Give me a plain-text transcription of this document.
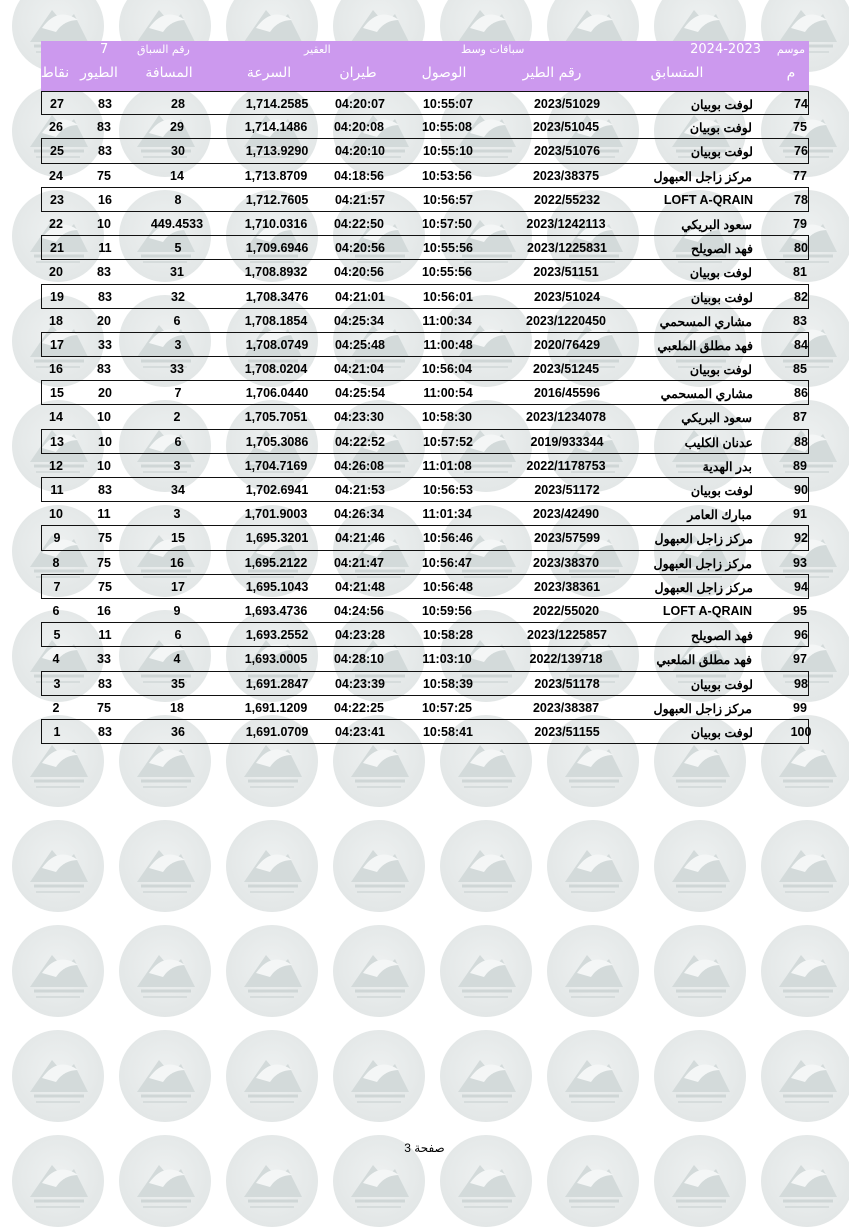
موسم
2024-2023
سباقات وسط
العقير
رقم السباق
7
م
المتسابق
رقم الطير
الوصول
طيران
السرعة
المسافة
الطيور
نقاط
74
لوفت بوبيان
2023/51029
10:55:07
04:20:07
1,714.2585
28
83
27
75
لوفت بوبيان
2023/51045
10:55:08
04:20:08
1,714.1486
29
83
26
76
لوفت بوبيان
2023/51076
10:55:10
04:20:10
1,713.9290
30
83
25
77
مركز زاجل العبهول
2023/38375
10:53:56
04:18:56
1,713.8709
14
75
24
78
LOFT A-QRAIN
2022/55232
10:56:57
04:21:57
1,712.7605
8
16
23
79
سعود البريكي
2023/1242113
10:57:50
04:22:50
1,710.0316
449.4533
10
22
80
فهد الصويلح
2023/1225831
10:55:56
04:20:56
1,709.6946
5
11
21
81
لوفت بوبيان
2023/51151
10:55:56
04:20:56
1,708.8932
31
83
20
82
لوفت بوبيان
2023/51024
10:56:01
04:21:01
1,708.3476
32
83
19
83
مشاري المسحمي
2023/1220450
11:00:34
04:25:34
1,708.1854
6
20
18
84
فهد مطلق الملعبي
2020/76429
11:00:48
04:25:48
1,708.0749
3
33
17
85
لوفت بوبيان
2023/51245
10:56:04
04:21:04
1,708.0204
33
83
16
86
مشاري المسحمي
2016/45596
11:00:54
04:25:54
1,706.0440
7
20
15
87
سعود البريكي
2023/1234078
10:58:30
04:23:30
1,705.7051
2
10
14
88
عدنان الكليب
2019/933344
10:57:52
04:22:52
1,705.3086
6
10
13
89
بدر الهدية
2022/1178753
11:01:08
04:26:08
1,704.7169
3
10
12
90
لوفت بوبيان
2023/51172
10:56:53
04:21:53
1,702.6941
34
83
11
91
مبارك العامر
2023/42490
11:01:34
04:26:34
1,701.9003
3
11
10
92
مركز زاجل العبهول
2023/57599
10:56:46
04:21:46
1,695.3201
15
75
9
93
مركز زاجل العبهول
2023/38370
10:56:47
04:21:47
1,695.2122
16
75
8
94
مركز زاجل العبهول
2023/38361
10:56:48
04:21:48
1,695.1043
17
75
7
95
LOFT A-QRAIN
2022/55020
10:59:56
04:24:56
1,693.4736
9
16
6
96
فهد الصويلح
2023/1225857
10:58:28
04:23:28
1,693.2552
6
11
5
97
فهد مطلق الملعبي
2022/139718
11:03:10
04:28:10
1,693.0005
4
33
4
98
لوفت بوبيان
2023/51178
10:58:39
04:23:39
1,691.2847
35
83
3
99
مركز زاجل العبهول
2023/38387
10:57:25
04:22:25
1,691.1209
18
75
2
100
لوفت بوبيان
2023/51155
10:58:41
04:23:41
1,691.0709
36
83
1
صفحة 3
